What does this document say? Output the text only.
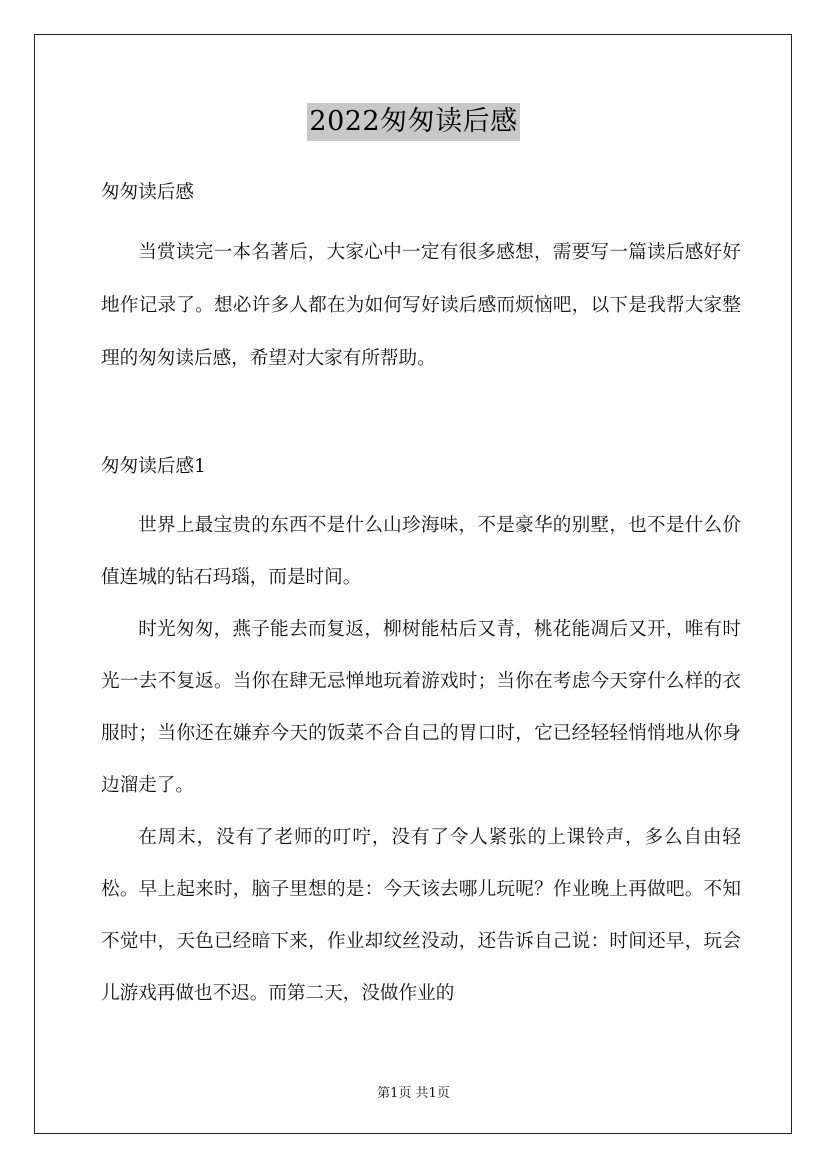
2022匆匆读后感

匆匆读后感

当赏读完一本名著后，大家心中一定有很多感想，需要写一篇读后感好好地作记录了。想必许多人都在为如何写好读后感而烦恼吧，以下是我帮大家整理的匆匆读后感，希望对大家有所帮助。

匆匆读后感1

世界上最宝贵的东西不是什么山珍海味，不是豪华的别墅，也不是什么价值连城的钻石玛瑙，而是时间。

时光匆匆，燕子能去而复返，柳树能枯后又青，桃花能凋后又开，唯有时光一去不复返。当你在肆无忌惮地玩着游戏时；当你在考虑今天穿什么样的衣服时；当你还在嫌弃今天的饭菜不合自己的胃口时，它已经轻轻悄悄地从你身边溜走了。

在周末，没有了老师的叮咛，没有了令人紧张的上课铃声，多么自由轻松。早上起来时，脑子里想的是：今天该去哪儿玩呢？作业晚上再做吧。不知不觉中，天色已经暗下来，作业却纹丝没动，还告诉自己说：时间还早，玩会儿游戏再做也不迟。而第二天，没做作业的

第1页 共1页
